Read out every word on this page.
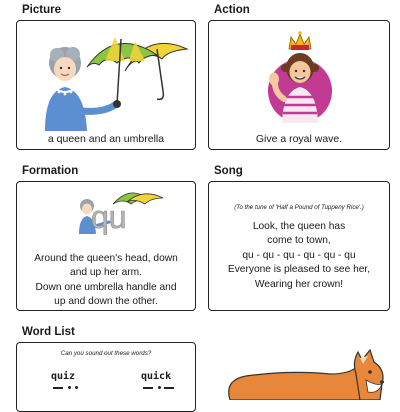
Picture

a queen and an umbrella

Action

Give a royal wave.

Formation
qu

Around the queen's head, down

and up her arm.

Down one umbrella handle and

up and down the other.

Song

(To the tune of 'Half a Pound of Tuppeny Rice'.)

Look, the queen has

come to town,

qu - qu - qu - qu - qu - qu

Everyone is pleased to see her,

Wearing her crown!

Word List

Can you sound out these words?

quiz	quick
